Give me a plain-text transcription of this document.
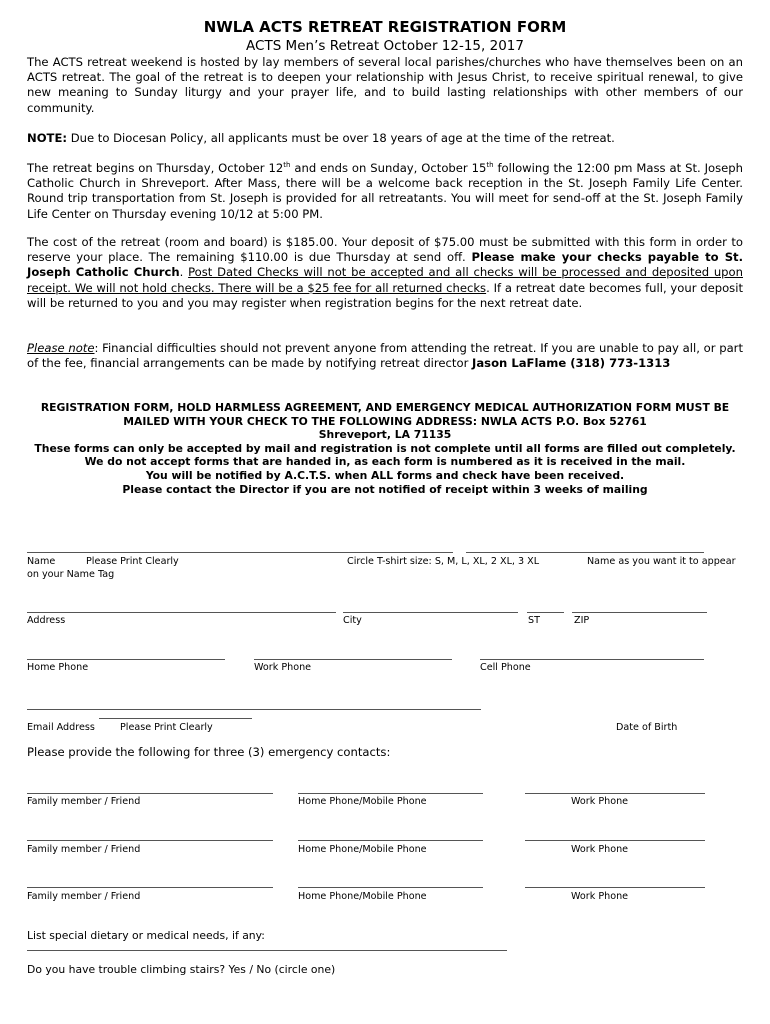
NWLA ACTS RETREAT REGISTRATION FORM
ACTS Men’s Retreat October 12-15, 2017
The ACTS retreat weekend is hosted by lay members of several local parishes/churches who have themselves been on an ACTS retreat. The goal of the retreat is to deepen your relationship with Jesus Christ, to receive spiritual renewal, to give new meaning to Sunday liturgy and your prayer life, and to build lasting relationships with other members of our community.
NOTE: Due to Diocesan Policy, all applicants must be over 18 years of age at the time of the retreat.
The retreat begins on Thursday, October 12th and ends on Sunday, October 15th following the 12:00 pm Mass at St. Joseph Catholic Church in Shreveport. After Mass, there will be a welcome back reception in the St. Joseph Family Life Center. Round trip transportation from St. Joseph is provided for all retreatants. You will meet for send-off at the St. Joseph Family Life Center on Thursday evening 10/12 at 5:00 PM.
The cost of the retreat (room and board) is $185.00. Your deposit of $75.00 must be submitted with this form in order to reserve your place. The remaining $110.00 is due Thursday at send off. Please make your checks payable to St. Joseph Catholic Church. Post Dated Checks will not be accepted and all checks will be processed and deposited upon receipt. We will not hold checks. There will be a $25 fee for all returned checks. If a retreat date becomes full, your deposit will be returned to you and you may register when registration begins for the next retreat date.
Please note: Financial difficulties should not prevent anyone from attending the retreat. If you are unable to pay all, or part of the fee, financial arrangements can be made by notifying retreat director Jason LaFlame (318) 773-1313
REGISTRATION FORM, HOLD HARMLESS AGREEMENT, AND EMERGENCY MEDICAL AUTHORIZATION FORM MUST BE MAILED WITH YOUR CHECK TO THE FOLLOWING ADDRESS: NWLA ACTS P.O. Box 52761
Shreveport, LA 71135
These forms can only be accepted by mail and registration is not complete until all forms are filled out completely.
We do not accept forms that are handed in, as each form is numbered as it is received in the mail.
You will be notified by A.C.T.S. when ALL forms and check have been received.
Please contact the Director if you are not notified of receipt within 3 weeks of mailing
Name	Please Print Clearly	Circle T-shirt size: S, M, L, XL, 2 XL, 3 XL	Name as you want it to appear
on your Name Tag
Address	City	ST	ZIP
Home Phone	Work Phone	Cell Phone
Email Address	Please Print Clearly	Date of Birth
Please provide the following for three (3) emergency contacts:
Family member / Friend	Home Phone/Mobile Phone	Work Phone
Family member / Friend	Home Phone/Mobile Phone	Work Phone
Family member / Friend	Home Phone/Mobile Phone	Work Phone
List special dietary or medical needs, if any:
Do you have trouble climbing stairs? Yes / No (circle one)
